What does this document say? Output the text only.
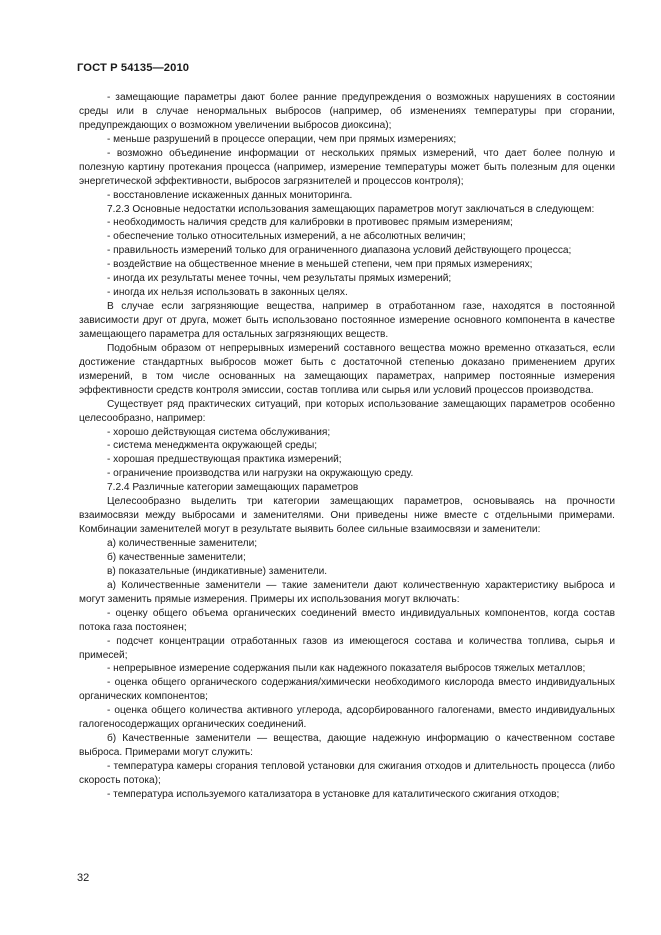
ГОСТ Р 54135—2010

- замещающие параметры дают более ранние предупреждения о возможных нарушениях в состоянии среды или в случае ненормальных выбросов (например, об изменениях температуры при сгорании, предупреждающих о возможном увеличении выбросов диоксина);

- меньше разрушений в процессе операции, чем при прямых измерениях;

- возможно объединение информации от нескольких прямых измерений, что дает более полную и полезную картину протекания процесса (например, измерение температуры может быть полезным для оценки энергетической эффективности, выбросов загрязнителей и процессов контроля);

- восстановление искаженных данных мониторинга.

7.2.3 Основные недостатки использования замещающих параметров могут заключаться в следующем:

- необходимость наличия средств для калибровки в противовес прямым измерениям;

- обеспечение только относительных измерений, а не абсолютных величин;

- правильность измерений только для ограниченного диапазона условий действующего процесса;

- воздействие на общественное мнение в меньшей степени, чем при прямых измерениях;

- иногда их результаты менее точны, чем результаты прямых измерений;

- иногда их нельзя использовать в законных целях.

В случае если загрязняющие вещества, например в отработанном газе, находятся в постоянной зависимости друг от друга, может быть использовано постоянное измерение основного компонента в качестве замещающего параметра для остальных загрязняющих веществ.

Подобным образом от непрерывных измерений составного вещества можно временно отказаться, если достижение стандартных выбросов может быть с достаточной степенью доказано применением других измерений, в том числе основанных на замещающих параметрах, например постоянные измерения эффективности средств контроля эмиссии, состав топлива или сырья или условий процессов производства.

Существует ряд практических ситуаций, при которых использование замещающих параметров особенно целесообразно, например:

- хорошо действующая система обслуживания;

- система менеджмента окружающей среды;

- хорошая предшествующая практика измерений;

- ограничение производства или нагрузки на окружающую среду.

7.2.4 Различные категории замещающих параметров

Целесообразно выделить три категории замещающих параметров, основываясь на прочности взаимосвязи между выбросами и заменителями. Они приведены ниже вместе с отдельными примерами. Комбинации заменителей могут в результате выявить более сильные взаимосвязи и заменители:

а) количественные заменители;

б) качественные заменители;

в) показательные (индикативные) заменители.

а) Количественные заменители — такие заменители дают количественную характеристику выброса и могут заменить прямые измерения. Примеры их использования могут включать:

- оценку общего объема органических соединений вместо индивидуальных компонентов, когда состав потока газа постоянен;

- подсчет концентрации отработанных газов из имеющегося состава и количества топлива, сырья и примесей;

- непрерывное измерение содержания пыли как надежного показателя выбросов тяжелых металлов;

- оценка общего органического содержания/химически необходимого кислорода вместо индивидуальных органических компонентов;

- оценка общего количества активного углерода, адсорбированного галогенами, вместо индивидуальных галогеносодержащих органических соединений.

б) Качественные заменители — вещества, дающие надежную информацию о качественном составе выброса. Примерами могут служить:

- температура камеры сгорания тепловой установки для сжигания отходов и длительность процесса (либо скорость потока);

- температура используемого катализатора в установке для каталитического сжигания отходов;

32
